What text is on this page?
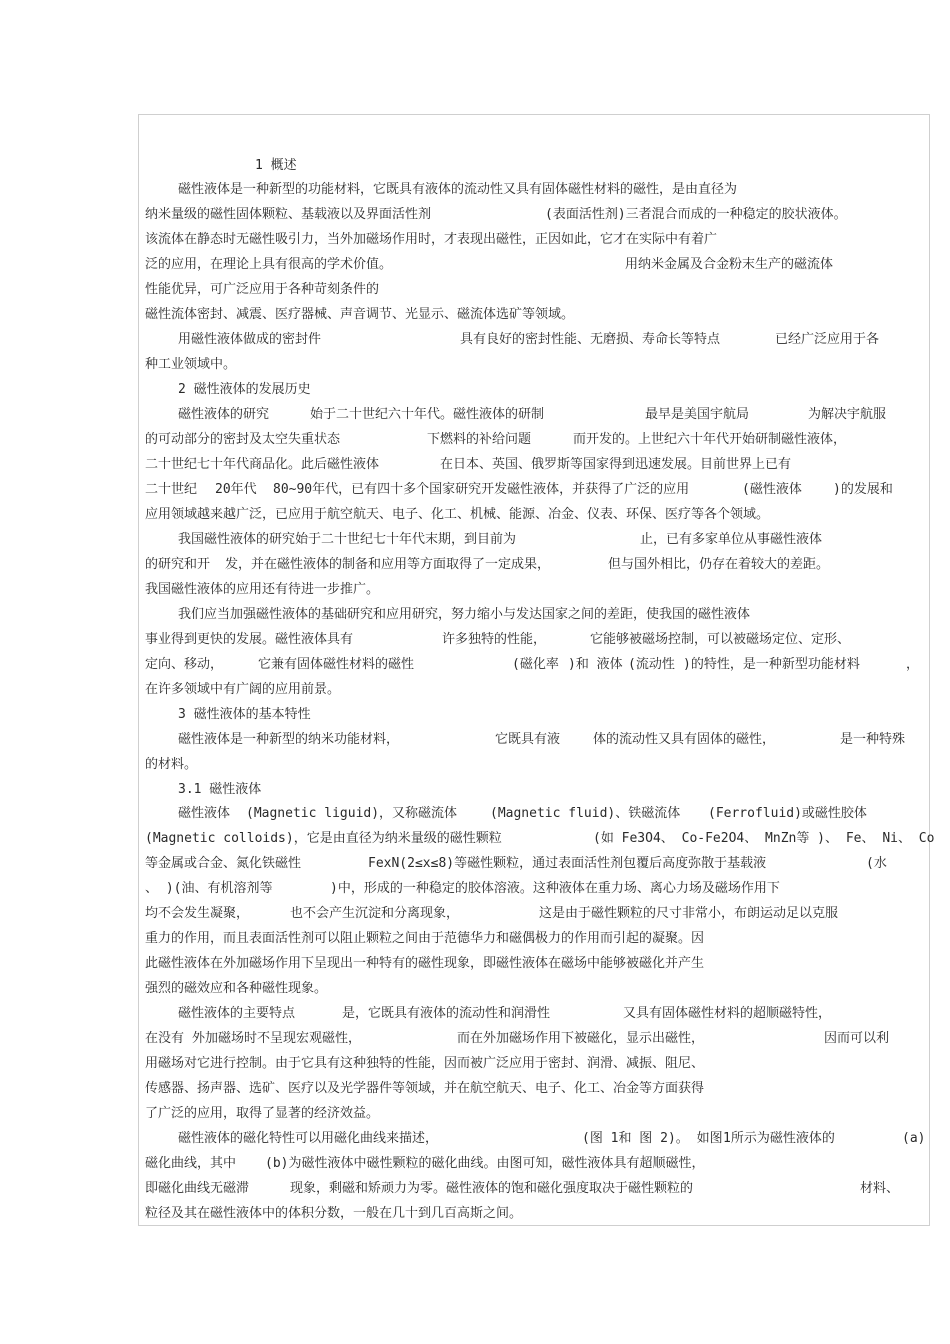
1 概述
磁性液体是一种新型的功能材料，它既具有液体的流动性又具有固体磁性材料的磁性，是由直径为
纳米量级的磁性固体颗粒、基载液以及界面活性剂	(表面活性剂)三者混合而成的一种稳定的胶状液体。
该流体在静态时无磁性吸引力，当外加磁场作用时，才表现出磁性，正因如此，它才在实际中有着广
泛的应用，在理论上具有很高的学术价值。	用纳米金属及合金粉末生产的磁流体
性能优异，可广泛应用于各种苛刻条件的
磁性流体密封、减震、医疗器械、声音调节、光显示、磁流体选矿等领域。
用磁性液体做成的密封件	具有良好的密封性能、无磨损、寿命长等特点	已经广泛应用于各
种工业领域中。
2 磁性液体的发展历史
磁性液体的研究	始于二十世纪六十年代。磁性液体的研制	最早是美国宇航局	为解决宇航服
的可动部分的密封及太空失重状态	下燃料的补给问题	而开发的。上世纪六十年代开始研制磁性液体，
二十世纪七十年代商品化。此后磁性液体	在日本、英国、俄罗斯等国家得到迅速发展。目前世界上已有
二十世纪 20年代 80~90年代，已有四十多个国家研究开发磁性液体，并获得了广泛的应用	(磁性液体 )的发展和
应用领域越来越广泛，已应用于航空航天、电子、化工、机械、能源、冶金、仪表、环保、医疗等各个领域。
我国磁性液体的研究始于二十世纪七十年代末期，到目前为	止，已有多家单位从事磁性液体
的研究和开 发，并在磁性液体的制备和应用等方面取得了一定成果，	但与国外相比，仍存在着较大的差距。
我国磁性液体的应用还有待进一步推广。
我们应当加强磁性液体的基础研究和应用研究，努力缩小与发达国家之间的差距，使我国的磁性液体
事业得到更快的发展。磁性液体具有	许多独特的性能，	它能够被磁场控制，可以被磁场定位、定形、
定向、移动，	它兼有固体磁性材料的磁性	(磁化率 )和 液体 (流动性 )的特性，是一种新型功能材料	，
在许多领域中有广阔的应用前景。
3 磁性液体的基本特性
磁性液体是一种新型的纳米功能材料，	它既具有液	体的流动性又具有固体的磁性，	是一种特殊
的材料。
3.1 磁性液体
磁性液体 (Magnetic liguid)，又称磁流体	(Magnetic fluid)、铁磁流体 (Ferrofluid)或磁性胶体
(Magnetic colloids)，它是由直径为纳米量级的磁性颗粒	(如 Fe3O4、 Co-Fe2O4、 MnZn等 )、 Fe、 Ni、 Co
等金属或合金、氮化铁磁性	FexN(2≤x≤8)等磁性颗粒，通过表面活性剂包覆后高度弥散于基载液	(水
、 )(油、有机溶剂等	)中，形成的一种稳定的胶体溶液。这种液体在重力场、离心力场及磁场作用下
均不会发生凝聚，	也不会产生沉淀和分离现象，	这是由于磁性颗粒的尺寸非常小，布朗运动足以克服
重力的作用，而且表面活性剂可以阻止颗粒之间由于范德华力和磁偶极力的作用而引起的凝聚。因
此磁性液体在外加磁场作用下呈现出一种特有的磁性现象，即磁性液体在磁场中能够被磁化并产生
强烈的磁效应和各种磁性现象。
磁性液体的主要特点	是，它既具有液体的流动性和润滑性	又具有固体磁性材料的超顺磁特性，
在没有 外加磁场时不呈现宏观磁性，	而在外加磁场作用下被磁化，显示出磁性，	因而可以利
用磁场对它进行控制。由于它具有这种独特的性能，因而被广泛应用于密封、润滑、减振、阻尼、
传感器、扬声器、选矿、医疗以及光学器件等领域，并在航空航天、电子、化工、冶金等方面获得
了广泛的应用，取得了显著的经济效益。
磁性液体的磁化特性可以用磁化曲线来描述，	(图 1和 图 2)。 如图 1所示为磁性液体的	(a)
磁化曲线，其中 (b)为磁性液体中磁性颗粒的磁化曲线。由图可知，磁性液体具有超顺磁性，
即磁化曲线无磁滞	现象，剩磁和矫顽力为零。磁性液体的饱和磁化强度取决于磁性颗粒的	材料、
粒径及其在磁性液体中的体积分数，一般在几十到几百高斯之间。
